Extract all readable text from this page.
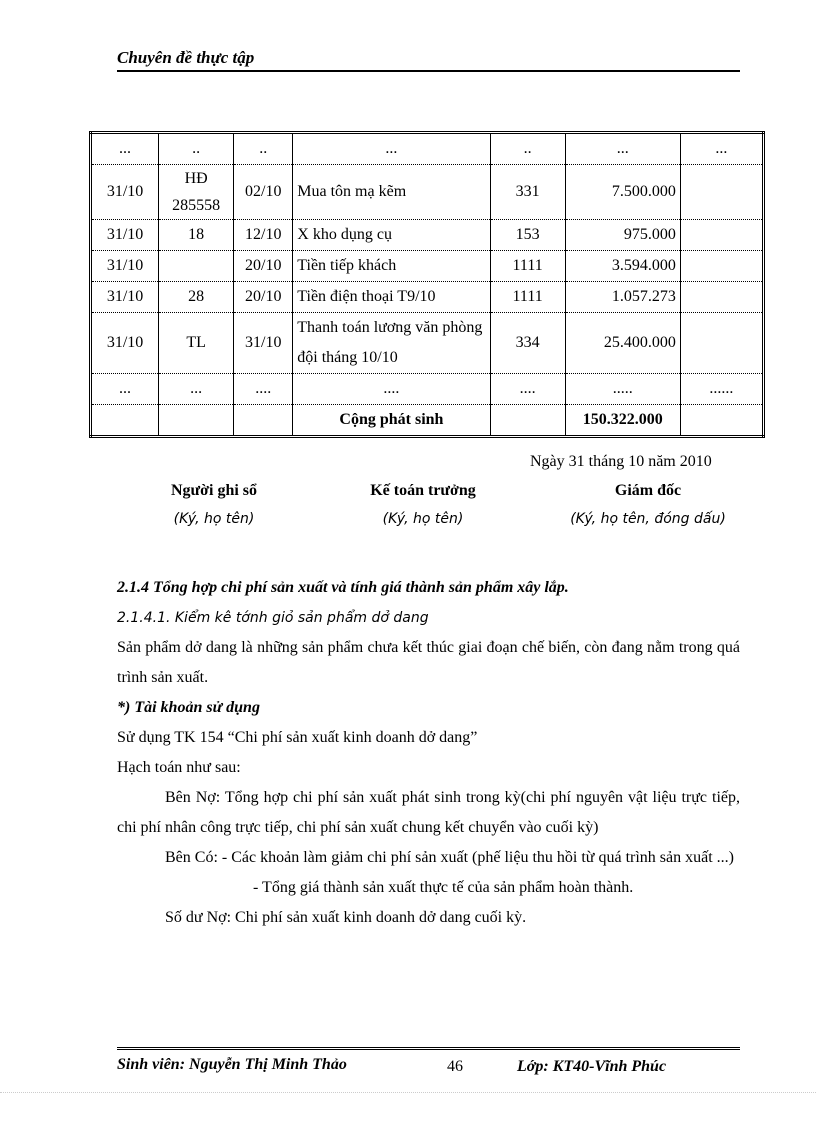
Chuyên đề thực tập
...	..	..	...	..	...	...
31/10	HĐ 285558	02/10	Mua tôn mạ kẽm	331	7.500.000	
31/10	18	12/10	X kho dụng cụ	153	975.000	
31/10		20/10	Tiền tiếp khách	1111	3.594.000	
31/10	28	20/10	Tiền điện thoại T9/10	1111	1.057.273	
31/10	TL	31/10	Thanh toán lương văn phòng đội tháng 10/10	334	25.400.000	
...	...	....	....	....	.....	......
			Cộng phát sinh		150.322.000	
Ngày 31 tháng 10 năm 2010
Người ghi sổ
(Ký, họ tên)
Kế toán trưởng
(Ký, họ tên)
Giám đốc
(Ký, họ tên, đóng dấu)

2.1.4 Tổng hợp chi phí sản xuất và tính giá thành sản phẩm xây lắp.

2.1.4.1. Kiểm kê tớnh giỏ sản phẩm dở dang

Sản phẩm dở dang là những sản phẩm chưa kết thúc giai đoạn chế biến, còn đang nằm trong quá trình sản xuất.

*) Tài khoản sử dụng

Sử dụng TK 154 “Chi phí sản xuất kinh doanh dở dang”

Hạch toán như sau:

Bên Nợ: Tổng hợp chi phí sản xuất phát sinh trong kỳ(chi phí nguyên vật liệu trực tiếp, chi phí nhân công trực tiếp, chi phí sản xuất chung kết chuyển vào cuối kỳ)

Bên Có: - Các khoản làm giảm chi phí sản xuất (phế liệu thu hồi từ quá trình sản xuất ...)

- Tổng giá thành sản xuất thực tế của sản phẩm hoàn thành.

Số dư Nợ: Chi phí sản xuất kinh doanh dở dang cuối kỳ.

Sinh viên: Nguyễn Thị Minh Thảo	46	Lớp: KT40-Vĩnh Phúc
